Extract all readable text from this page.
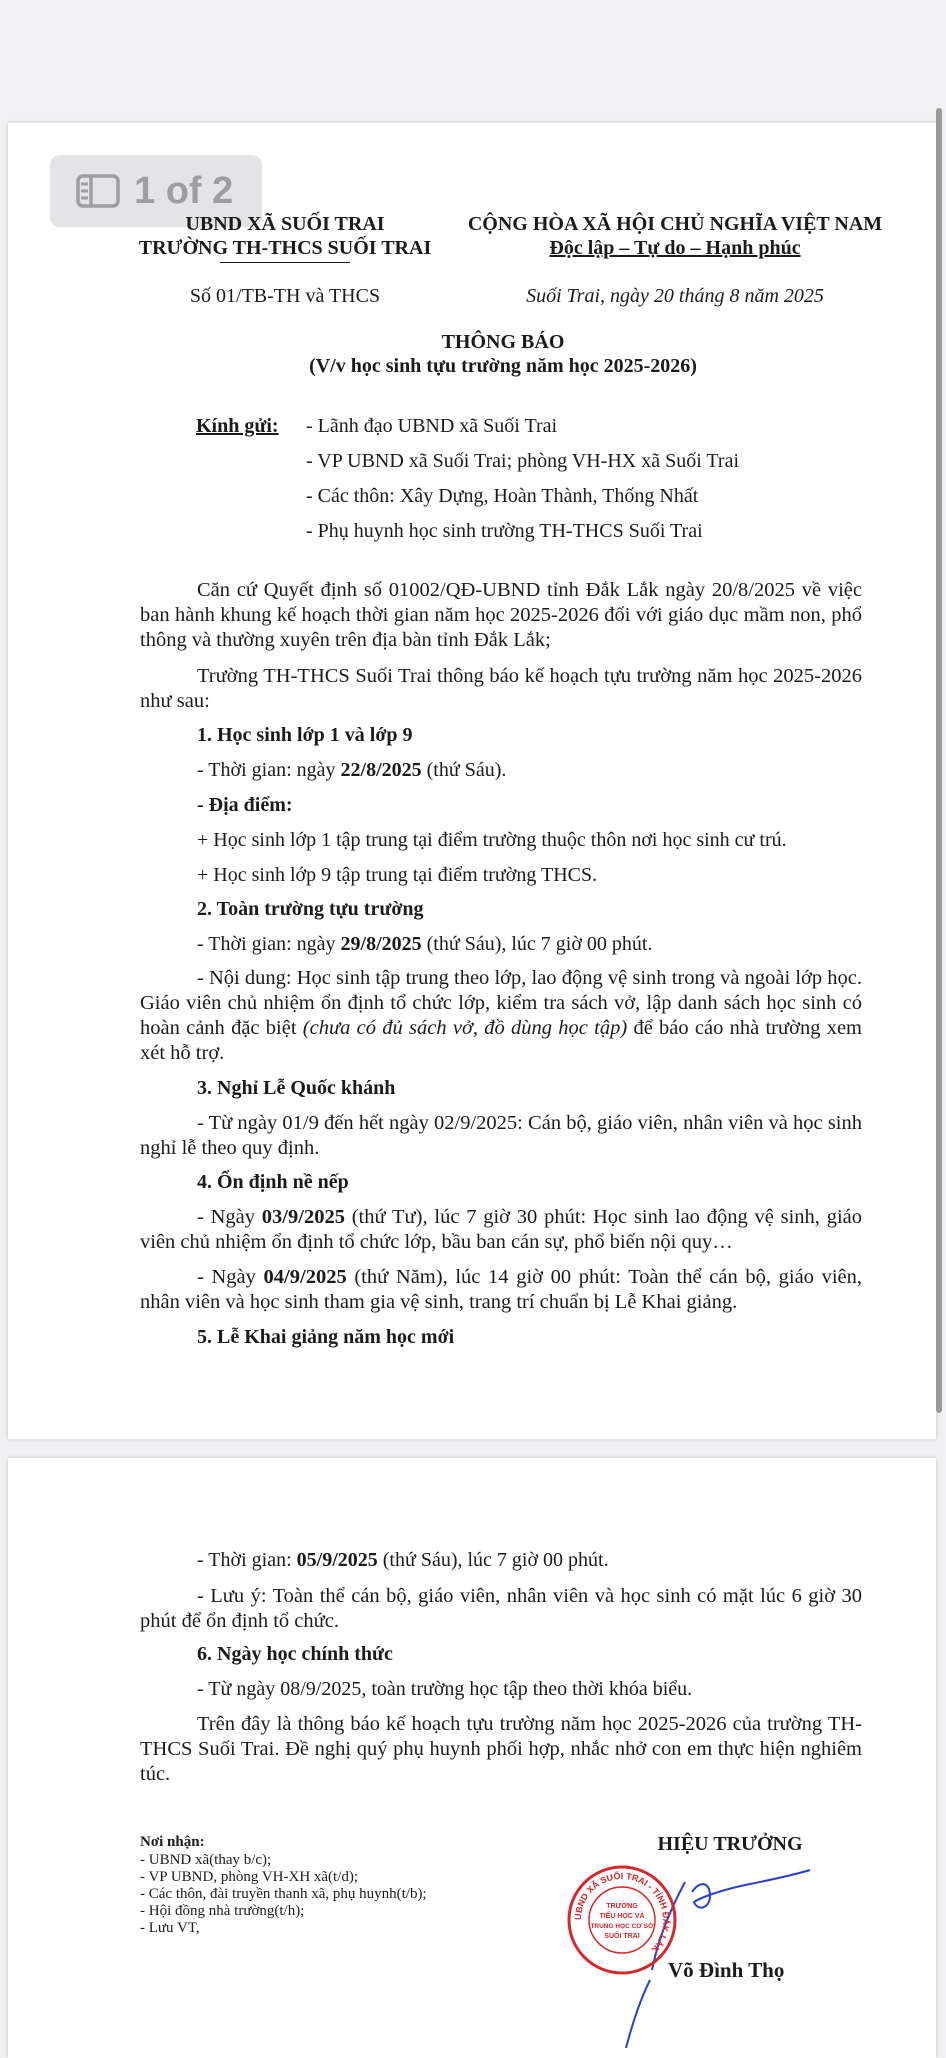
1 of 2
UBND XÃ SUỐI TRAI
TRƯỜNG TH-THCS SUỐI TRAI
CỘNG HÒA XÃ HỘI CHỦ NGHĨA VIỆT NAM
Độc lập – Tự do – Hạnh phúc
Số 01/TB-TH và THCS	Suối Trai, ngày 20 tháng 8 năm 2025
THÔNG BÁO
(V/v học sinh tựu trường năm học 2025-2026)
Kính gửi: - Lãnh đạo UBND xã Suối Trai
- VP UBND xã Suối Trai; phòng VH-HX xã Suối Trai
- Các thôn: Xây Dựng, Hoàn Thành, Thống Nhất
- Phụ huynh học sinh trường TH-THCS Suối Trai
Căn cứ Quyết định số 01002/QĐ-UBND tỉnh Đắk Lắk ngày 20/8/2025 về việc ban hành khung kế hoạch thời gian năm học 2025-2026 đối với giáo dục mầm non, phổ thông và thường xuyên trên địa bàn tỉnh Đắk Lắk;
Trường TH-THCS Suối Trai thông báo kế hoạch tựu trường năm học 2025-2026 như sau:
1. Học sinh lớp 1 và lớp 9
- Thời gian: ngày 22/8/2025 (thứ Sáu).
- Địa điểm:
+ Học sinh lớp 1 tập trung tại điểm trường thuộc thôn nơi học sinh cư trú.
+ Học sinh lớp 9 tập trung tại điểm trường THCS.
2. Toàn trường tựu trường
- Thời gian: ngày 29/8/2025 (thứ Sáu), lúc 7 giờ 00 phút.
- Nội dung: Học sinh tập trung theo lớp, lao động vệ sinh trong và ngoài lớp học. Giáo viên chủ nhiệm ổn định tổ chức lớp, kiểm tra sách vở, lập danh sách học sinh có hoàn cảnh đặc biệt (chưa có đủ sách vở, đồ dùng học tập) để báo cáo nhà trường xem xét hỗ trợ.
3. Nghỉ Lễ Quốc khánh
- Từ ngày 01/9 đến hết ngày 02/9/2025: Cán bộ, giáo viên, nhân viên và học sinh nghỉ lễ theo quy định.
4. Ổn định nề nếp
- Ngày 03/9/2025 (thứ Tư), lúc 7 giờ 30 phút: Học sinh lao động vệ sinh, giáo viên chủ nhiệm ổn định tổ chức lớp, bầu ban cán sự, phổ biến nội quy…
- Ngày 04/9/2025 (thứ Năm), lúc 14 giờ 00 phút: Toàn thể cán bộ, giáo viên, nhân viên và học sinh tham gia vệ sinh, trang trí chuẩn bị Lễ Khai giảng.
5. Lễ Khai giảng năm học mới
- Thời gian: 05/9/2025 (thứ Sáu), lúc 7 giờ 00 phút.
- Lưu ý: Toàn thể cán bộ, giáo viên, nhân viên và học sinh có mặt lúc 6 giờ 30 phút để ổn định tổ chức.
6. Ngày học chính thức
- Từ ngày 08/9/2025, toàn trường học tập theo thời khóa biểu.
Trên đây là thông báo kế hoạch tựu trường năm học 2025-2026 của trường TH-THCS Suối Trai. Đề nghị quý phụ huynh phối hợp, nhắc nhở con em thực hiện nghiêm túc.
Nơi nhận:
- UBND xã(thay b/c);
- VP UBND, phòng VH-XH xã(t/d);
- Các thôn, đài truyền thanh xã, phụ huynh(t/b);
- Hội đồng nhà trường(t/h);
- Lưu VT,
HIỆU TRƯỞNG
UBND XÃ SUỐI TRAI - TỈNH ĐẮK LẮK
TRƯỜNG
TIỂU HỌC VÀ
TRUNG HỌC CƠ SỞ
SUỐI TRAI
Võ Đình Thọ
